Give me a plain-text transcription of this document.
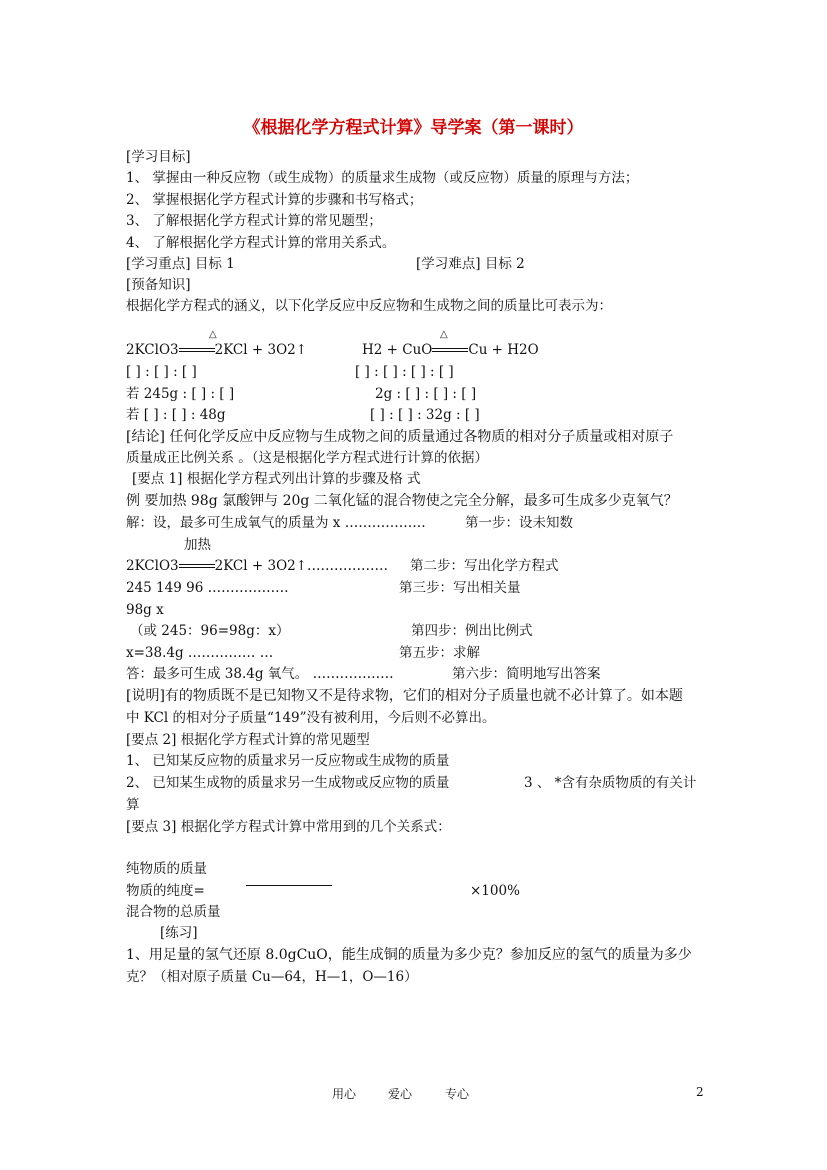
《根据化学方程式计算》导学案（第一课时）
[学习目标]
1、 掌握由一种反应物（或生成物）的质量求生成物（或反应物）质量的原理与方法；
2、 掌握根据化学方程式计算的步骤和书写格式；
3、 了解根据化学方程式计算的常见题型；
4、 了解根据化学方程式计算的常用关系式。
[学习重点] 目标 1	[学习难点] 目标 2
[预备知识]
根据化学方程式的涵义，以下化学反应中反应物和生成物之间的质量比可表示为：
△	△
2KClO3	2KCl + 3O2↑	H2 + CuO	Cu + H2O
[ ] : [ ] : [ ]	[ ] : [ ] : [ ] : [ ]
若 245g : [ ] : [ ]	2g : [ ] : [ ] : [ ]
若 [ ] : [ ] : 48g	[ ] : [ ] : 32g : [ ]
[结论] 任何化学反应中反应物与生成物之间的质量通过各物质的相对分子质量或相对原子
质量成正比例关系 。（这是根据化学方程式进行计算的依据）
[要点 1] 根据化学方程式列出计算的步骤及格 式
例 要加热 98g 氯酸钾与 20g 二氧化锰的混合物使之完全分解，最多可生成多少克氧气？
解：设，最多可生成氧气的质量为 x ………………	第一步：设未知数
加热
2KClO3	2KCl + 3O2↑……………… 第二步：写出化学方程式
245 149 96 ………………	第三步：写出相关量
98g x
（或 245：96=98g：x）	第四步：例出比例式
x=38.4g …………… …	第五步：求解
答：最多可生成 38.4g 氧气。 ………………	第六步：简明地写出答案
[说明]有的物质既不是已知物又不是待求物，它们的相对分子质量也就不必计算了。如本题
中 KCl 的相对分子质量“149”没有被利用，今后则不必算出。
[要点 2] 根据化学方程式计算的常见题型
1、 已知某反应物的质量求另一反应物或生成物的质量
2、 已知某生成物的质量求另一生成物或反应物的质量	3 、 *含有杂质物质的有关计
算
[要点 3] 根据化学方程式计算中常用到的几个关系式：
纯物质的质量
物质的纯度=	×100%
混合物的总质量
[练习]
1、用足量的氢气还原 8.0gCuO，能生成铜的质量为多少克？参加反应的氢气的质量为多少
克？（相对原子质量 Cu—64，H—1，O—16）
用心	爱心	专心	2
